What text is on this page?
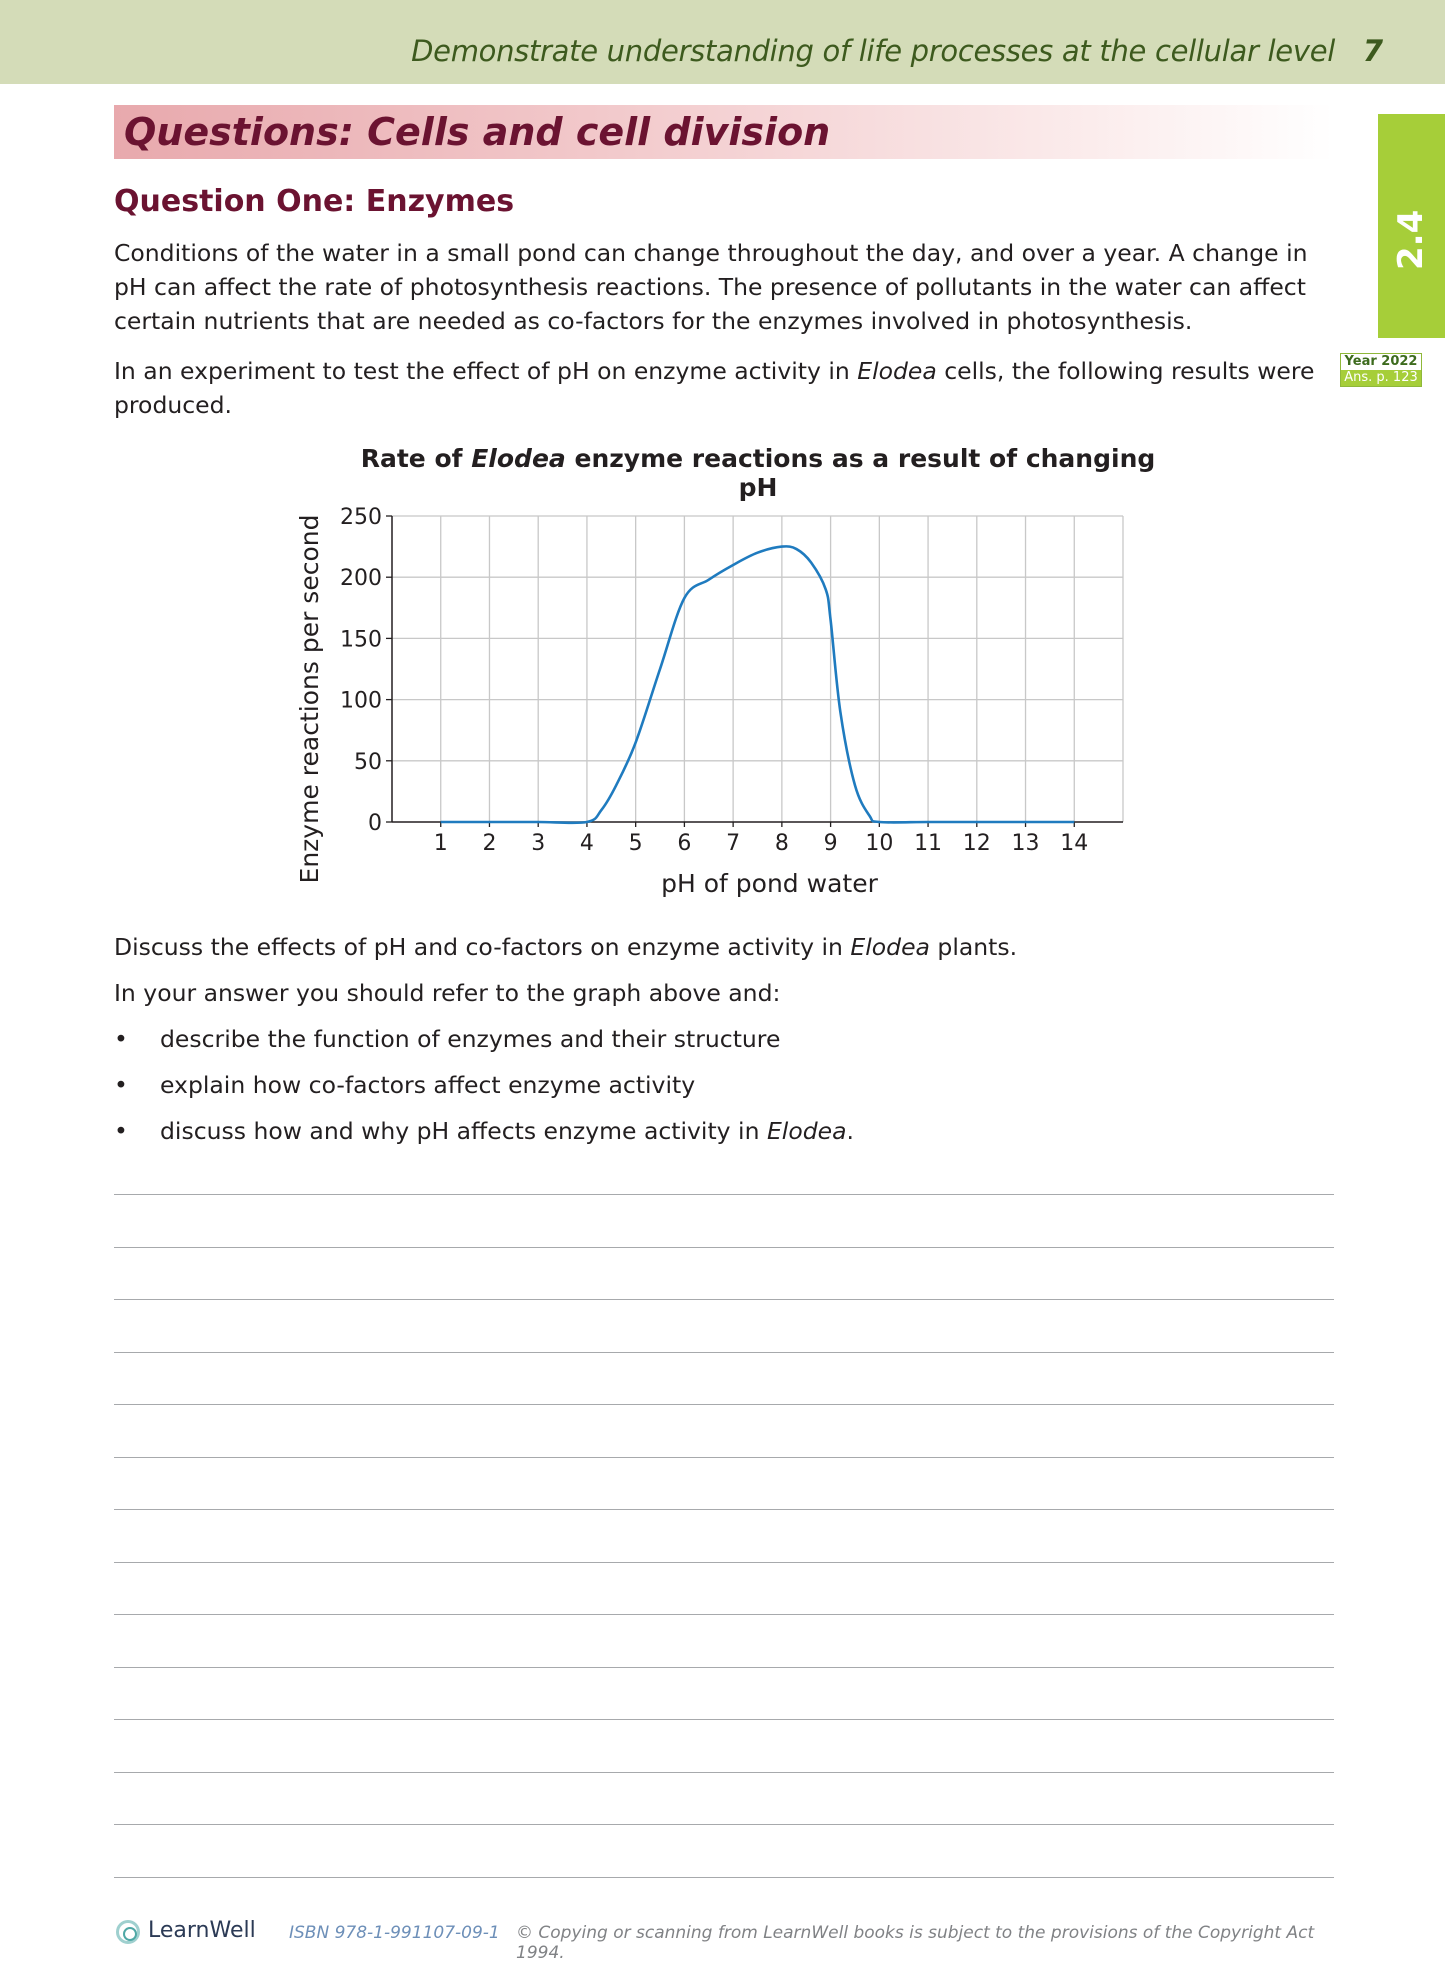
Demonstrate understanding of life processes at the cellular level 7
Questions: Cells and cell division
2.4
Year 2022
Ans. p. 123
Question One: Enzymes
Conditions of the water in a small pond can change throughout the day, and over a year. A change in pH can affect the rate of photosynthesis reactions. The presence of pollutants in the water can affect certain nutrients that are needed as co-factors for the enzymes involved in photosynthesis.
In an experiment to test the effect of pH on enzyme activity in Elodea cells, the following results were produced.
Rate of Elodea enzyme reactions as a result of changing pH
0
50
100
150
200
250
1 2 3 4 5 6 7 8 9 10 11 12 13 14
pH of pond water
Enzyme reactions per second
Discuss the effects of pH and co-factors on enzyme activity in Elodea plants.
In your answer you should refer to the graph above and:
• describe the function of enzymes and their structure
• explain how co-factors affect enzyme activity
• discuss how and why pH affects enzyme activity in Elodea.
LearnWell ISBN 978-1-991107-09-1 © Copying or scanning from LearnWell books is subject to the provisions of the Copyright Act 1994.
